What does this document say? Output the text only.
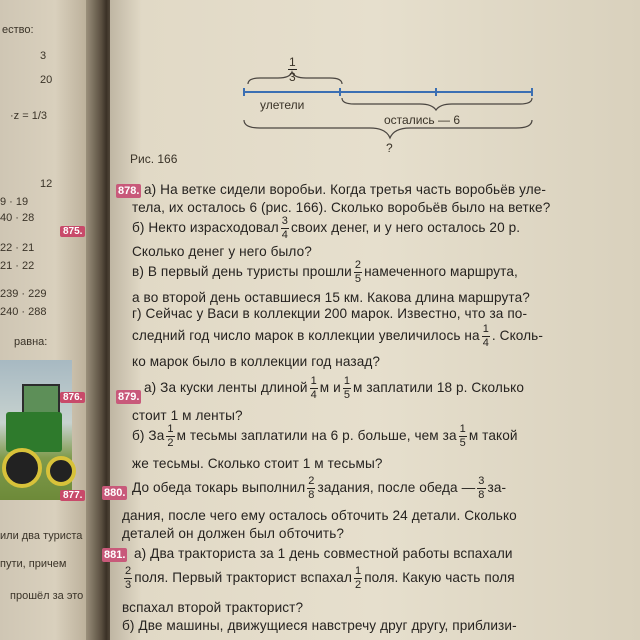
ество:
3
20
·z = 1/3
12
9 · 19
40 · 28
22 · 21
21 · 22
239 · 229
240 · 288
равна:
или два туриста
пути, причем
прошёл за это
875.
876.
877.
$\frac{1}{3}$
улетели
остались — 6
?
Рис. 166
878. а) На ветке сидели воробьи. Когда третья часть воробьёв уле-
тела, их осталось 6 (рис. 166). Сколько воробьёв было на ветке?
б) Некто израсходовал $\frac{3}{4}$ своих денег, и у него осталось 20 р.
Сколько денег у него было?
в) В первый день туристы прошли $\frac{2}{5}$ намеченного маршрута,
а во второй день оставшиеся 15 км. Какова длина маршрута?
г) Сейчас у Васи в коллекции 200 марок. Известно, что за по-
следний год число марок в коллекции увеличилось на $\frac{1}{4}$ . Сколь-
ко марок было в коллекции год назад?
879.
а) За куски ленты длиной $\frac{1}{4}$ м и $\frac{1}{5}$ м заплатили 18 р. Сколько
стоит 1 м ленты?
б) За $\frac{1}{2}$ м тесьмы заплатили на 6 р. больше, чем за $\frac{1}{5}$ м такой
же тесьмы. Сколько стоит 1 м тесьмы?
880. До обеда токарь выполнил $\frac{2}{8}$ задания, после обеда — $\frac{3}{8} за-$
дания, после чего ему осталось обточить 24 детали. Сколько
деталей он должен был обточить?
881. а) Два тракториста за 1 день совместной работы вспахали
$\frac{2}{3}$ поля. Первый тракторист вспахал $\frac{1}{2}$ поля. Какую часть поля
вспахал второй тракторист?
б) Две машины, движущиеся навстречу друг другу, приблизи-
